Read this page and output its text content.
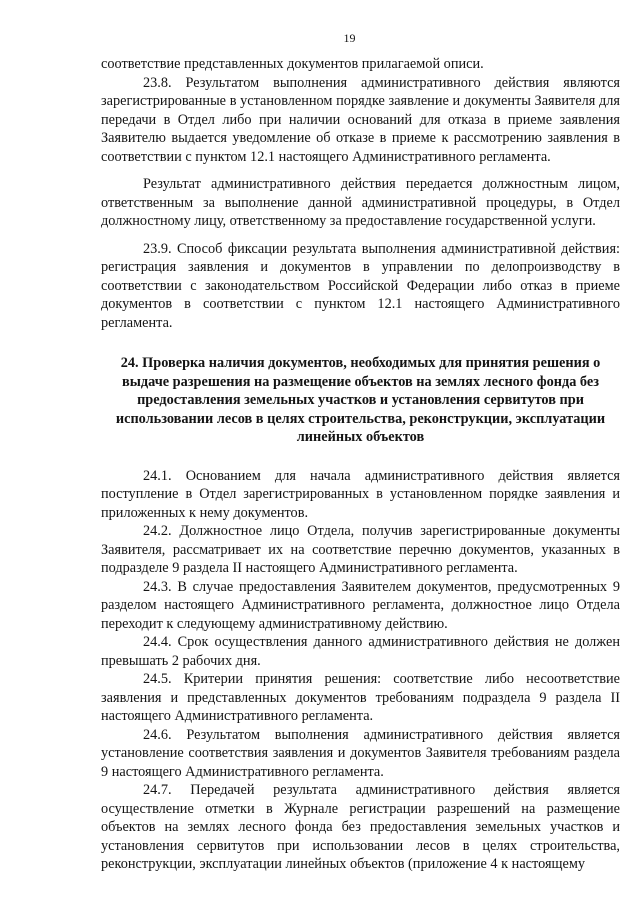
19

соответствие представленных документов прилагаемой описи.

23.8. Результатом выполнения административного действия являются зарегистрированные в установленном порядке заявление и документы Заявителя для передачи в Отдел либо при наличии оснований для отказа в приеме заявления Заявителю выдается уведомление об отказе в приеме к рассмотрению заявления в соответствии с пунктом 12.1 настоящего Административного регламента.

Результат административного действия передается должностным лицом, ответственным за выполнение данной административной процедуры, в Отдел должностному лицу, ответственному за предоставление государственной услуги.

23.9. Способ фиксации результата выполнения административной действия: регистрация заявления и документов в управлении по делопроизводству в соответствии с законодательством Российской Федерации либо отказ в приеме документов в соответствии с пунктом 12.1 настоящего Административного регламента.

24. Проверка наличия документов, необходимых для принятия решения о выдаче разрешения на размещение объектов на землях лесного фонда без предоставления земельных участков и установления сервитутов при использовании лесов в целях строительства, реконструкции, эксплуатации линейных объектов

24.1. Основанием для начала административного действия является поступление в Отдел зарегистрированных в установленном порядке заявления и приложенных к нему документов.

24.2. Должностное лицо Отдела, получив зарегистрированные документы Заявителя, рассматривает их на соответствие перечню документов, указанных в подразделе 9 раздела II настоящего Административного регламента.

24.3. В случае предоставления Заявителем документов, предусмотренных 9 разделом настоящего Административного регламента, должностное лицо Отдела переходит к следующему административному действию.

24.4. Срок осуществления данного административного действия не должен превышать 2 рабочих дня.

24.5. Критерии принятия решения: соответствие либо несоответствие заявления и представленных документов требованиям подраздела 9 раздела II настоящего Административного регламента.

24.6. Результатом выполнения административного действия является установление соответствия заявления и документов Заявителя требованиям раздела 9 настоящего Административного регламента.

24.7. Передачей результата административного действия является осуществление отметки в Журнале регистрации разрешений на размещение объектов на землях лесного фонда без предоставления земельных участков и установления сервитутов при использовании лесов в целях строительства, реконструкции, эксплуатации линейных объектов (приложение 4 к настоящему
